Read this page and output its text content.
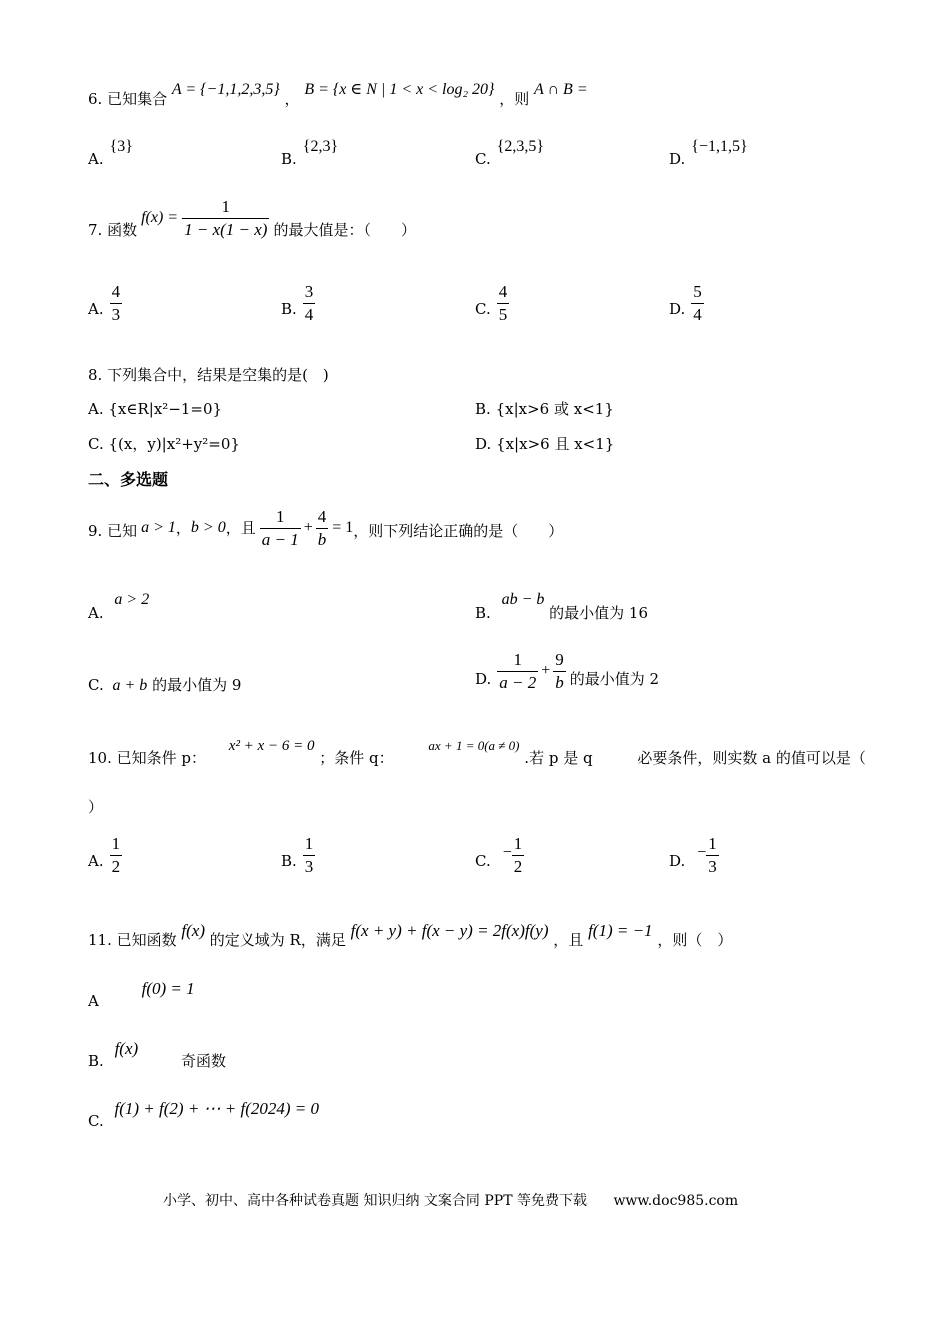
6. 已知集合 A = {−1,1,2,3,5} ， B = {x ∈ N | 1 < x < log₂ 20} ，则 A ∩ B =
A.
{3}
B.
{2,3}
C.
{2,3,5}
D.
{−1,1,5}
7. 函数
$f(x) = \frac{1}{1 - x(1 - x)}$ 的最大值是：（　　）
A. $\frac{4}{3}$	B. $\frac{3}{4}$	C. $\frac{4}{5}$	D. $\frac{5}{4}$
8. 下列集合中，结果是空集的是(　)
A. {x∈R|x²−1=0}	B. {x|x>6 或 x<1}
C. {(x，y)|x²+y²=0}	D. {x|x>6 且 x<1}
二、多选题
9. 已知 a > 1 ， b > 0 ，且 $\frac{1}{a - 1} + \frac{4}{b} = 1$ ，则下列结论正确的是（　　）
A. a > 2
B. ab − b 的最小值为 16
C. a + b 的最小值为 9	D. $\frac{1}{a - 2} + \frac{9}{b}$ 的最小值为 2
10. 已知条件 p： x² + x − 6 = 0 ；条件 q： ax + 1 = 0(a ≠ 0) .若 p 是 q	必要条件，则实数 a 的值可以是（
）
A. $\frac{1}{2}$	B. $\frac{1}{3}$	C. − $\frac{1}{2}$	D. − $\frac{1}{3}$
11. 已知函数 f(x) 的定义域为 R，满足 f(x + y) + f(x − y) = 2f(x)f(y) ，且 f(1) = −1 ，则（　）
A f(0) = 1
B. f(x) 奇函数
C. f(1) + f(2) + ⋯ + f(2024) = 0
小学、初中、高中各种试卷真题 知识归纳 文案合同 PPT 等免费下载 www.doc985.com
